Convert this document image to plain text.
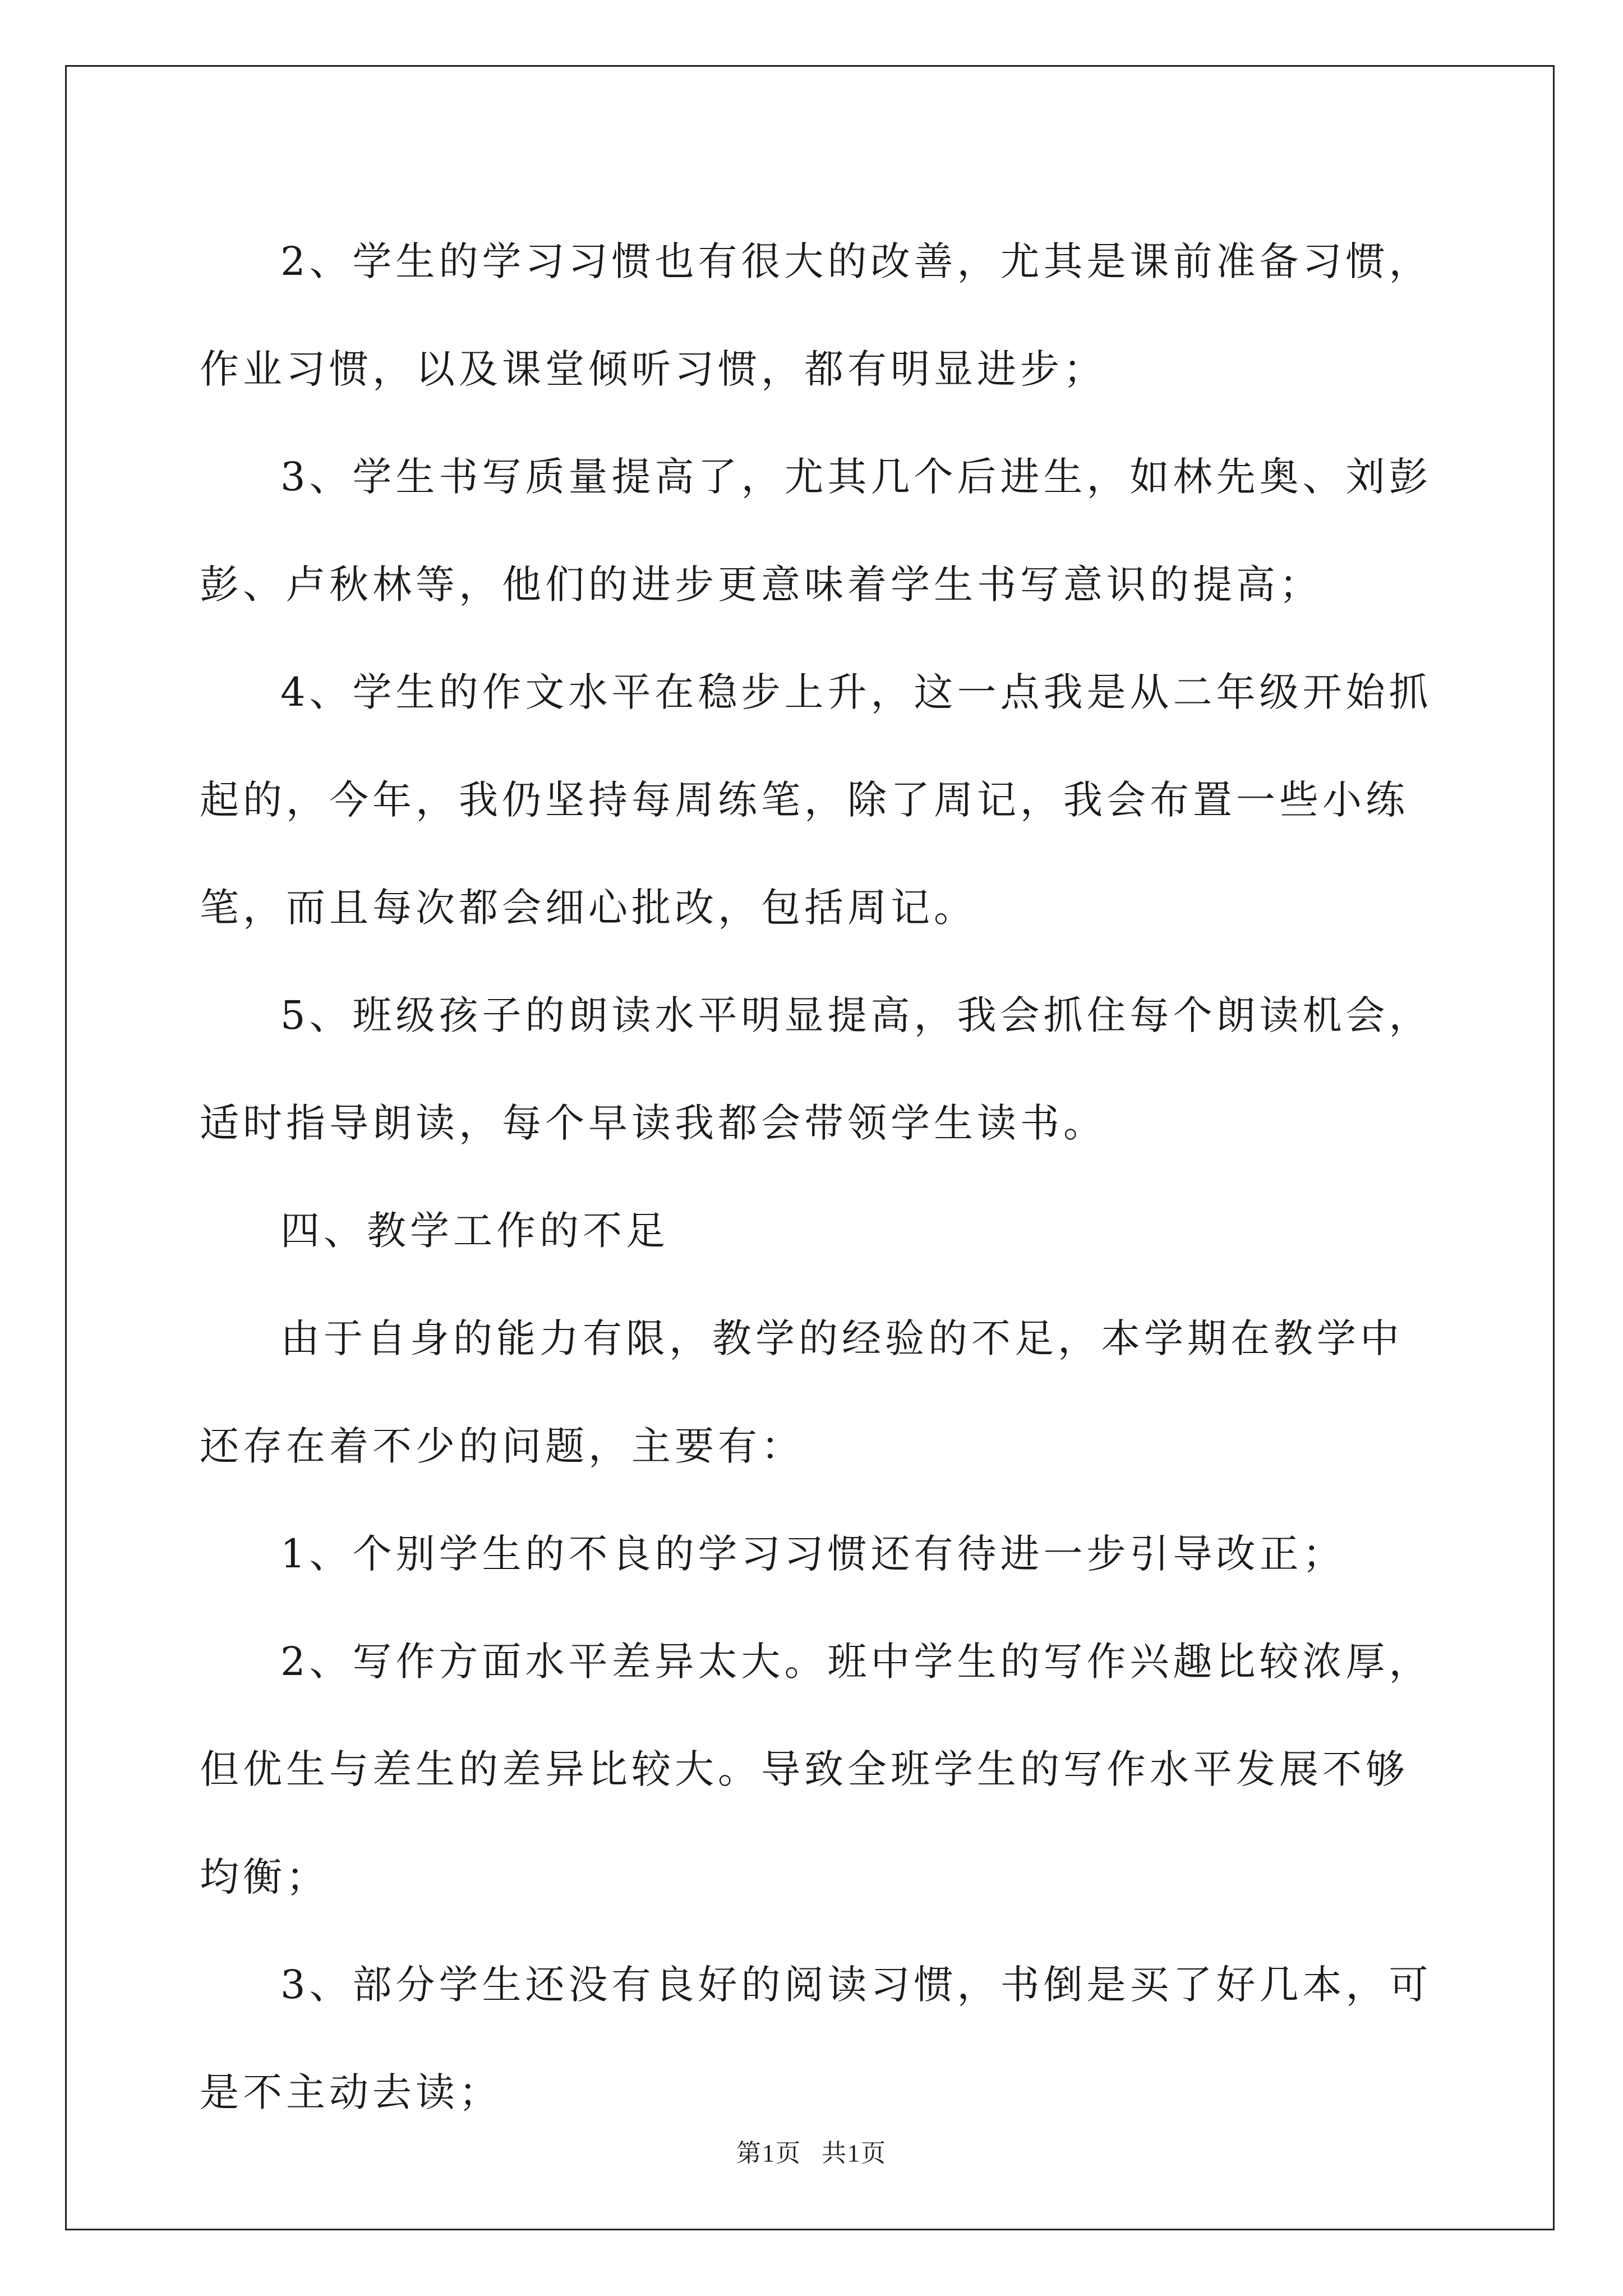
2、学生的学习习惯也有很大的改善，尤其是课前准备习惯，作业习惯，以及课堂倾听习惯，都有明显进步；

3、学生书写质量提高了，尤其几个后进生，如林先奥、刘彭彭、卢秋林等，他们的进步更意味着学生书写意识的提高；

4、学生的作文水平在稳步上升，这一点我是从二年级开始抓起的，今年，我仍坚持每周练笔，除了周记，我会布置一些小练笔，而且每次都会细心批改，包括周记。

5、班级孩子的朗读水平明显提高，我会抓住每个朗读机会，适时指导朗读，每个早读我都会带领学生读书。

四、教学工作的不足

由于自身的能力有限，教学的经验的不足，本学期在教学中还存在着不少的问题，主要有：

1、个别学生的不良的学习习惯还有待进一步引导改正；

2、写作方面水平差异太大。班中学生的写作兴趣比较浓厚，但优生与差生的差异比较大。导致全班学生的写作水平发展不够均衡；

3、部分学生还没有良好的阅读习惯，书倒是买了好几本，可是不主动去读；

第1页 共1页
